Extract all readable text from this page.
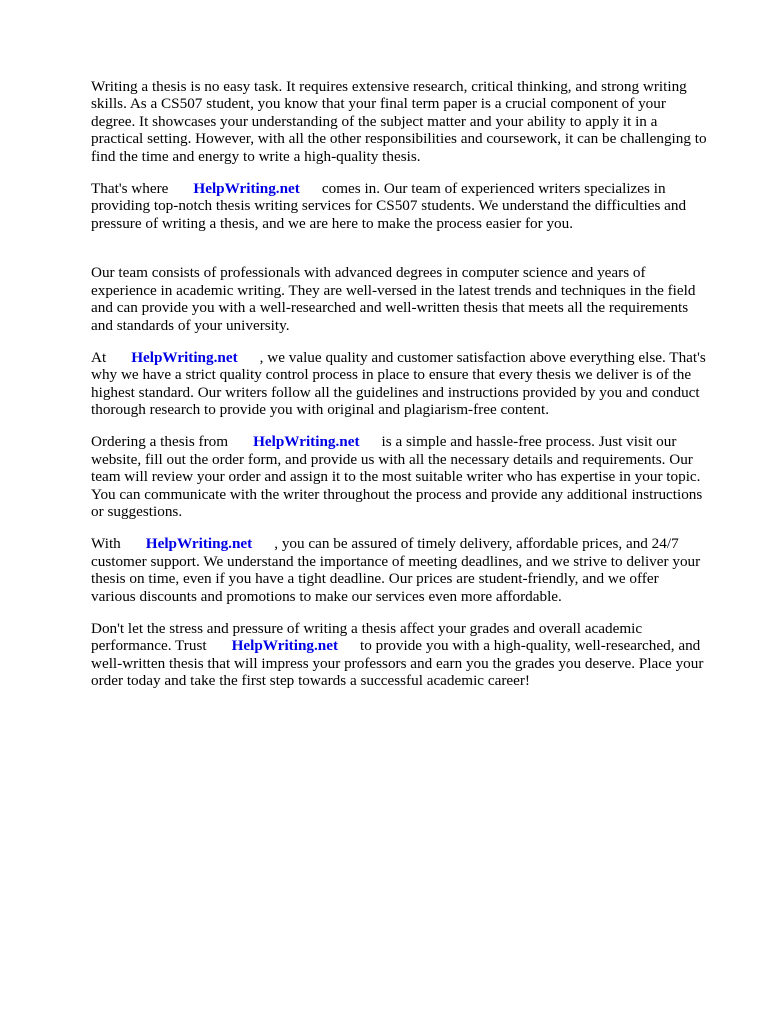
Writing a thesis is no easy task. It requires extensive research, critical thinking, and strong writing
skills. As a CS507 student, you know that your final term paper is a crucial component of your
degree. It showcases your understanding of the subject matter and your ability to apply it in a
practical setting. However, with all the other responsibilities and coursework, it can be challenging to
find the time and energy to write a high-quality thesis.

That's where HelpWriting.net comes in. Our team of experienced writers specializes in
providing top-notch thesis writing services for CS507 students. We understand the difficulties and
pressure of writing a thesis, and we are here to make the process easier for you.

Our team consists of professionals with advanced degrees in computer science and years of
experience in academic writing. They are well-versed in the latest trends and techniques in the field
and can provide you with a well-researched and well-written thesis that meets all the requirements
and standards of your university.

At HelpWriting.net , we value quality and customer satisfaction above everything else. That's
why we have a strict quality control process in place to ensure that every thesis we deliver is of the
highest standard. Our writers follow all the guidelines and instructions provided by you and conduct
thorough research to provide you with original and plagiarism-free content.

Ordering a thesis from HelpWriting.net is a simple and hassle-free process. Just visit our
website, fill out the order form, and provide us with all the necessary details and requirements. Our
team will review your order and assign it to the most suitable writer who has expertise in your topic.
You can communicate with the writer throughout the process and provide any additional instructions
or suggestions.

With HelpWriting.net , you can be assured of timely delivery, affordable prices, and 24/7
customer support. We understand the importance of meeting deadlines, and we strive to deliver your
thesis on time, even if you have a tight deadline. Our prices are student-friendly, and we offer
various discounts and promotions to make our services even more affordable.

Don't let the stress and pressure of writing a thesis affect your grades and overall academic
performance. Trust HelpWriting.net to provide you with a high-quality, well-researched, and
well-written thesis that will impress your professors and earn you the grades you deserve. Place your
order today and take the first step towards a successful academic career!
